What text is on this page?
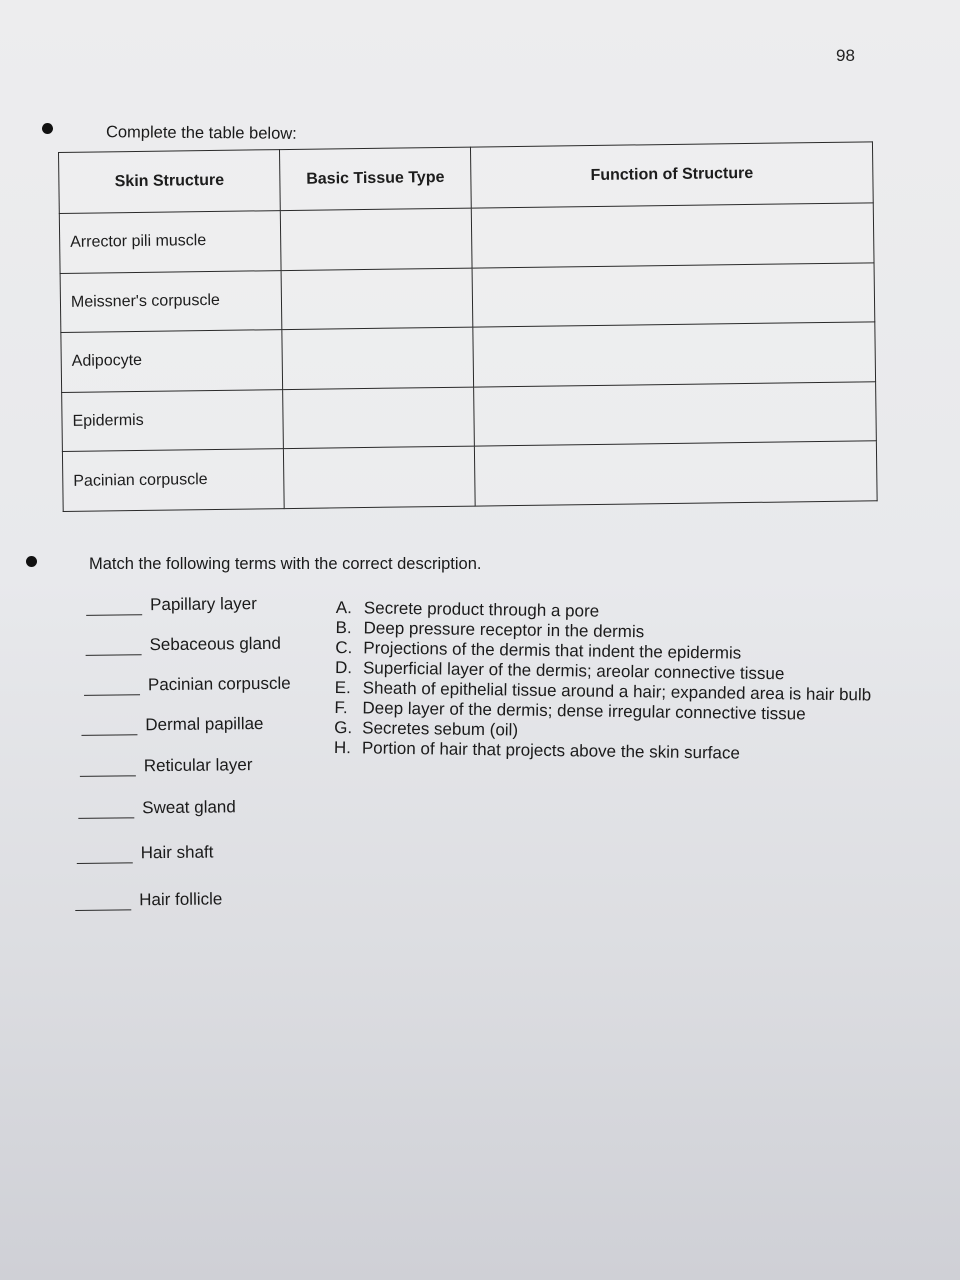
98
Complete the table below:
Skin Structure	Basic Tissue Type	Function of Structure
Arrector pili muscle		
Meissner's corpuscle		
Adipocyte		
Epidermis		
Pacinian corpuscle		
Match the following terms with the correct description.
Papillary layer
Sebaceous gland
Pacinian corpuscle
Dermal papillae
Reticular layer
Sweat gland
Hair shaft
Hair follicle
A. Secrete product through a pore
B. Deep pressure receptor in the dermis
C. Projections of the dermis that indent the epidermis
D. Superficial layer of the dermis; areolar connective tissue
E. Sheath of epithelial tissue around a hair; expanded area is hair bulb
F. Deep layer of the dermis; dense irregular connective tissue
G. Secretes sebum (oil)
H. Portion of hair that projects above the skin surface
